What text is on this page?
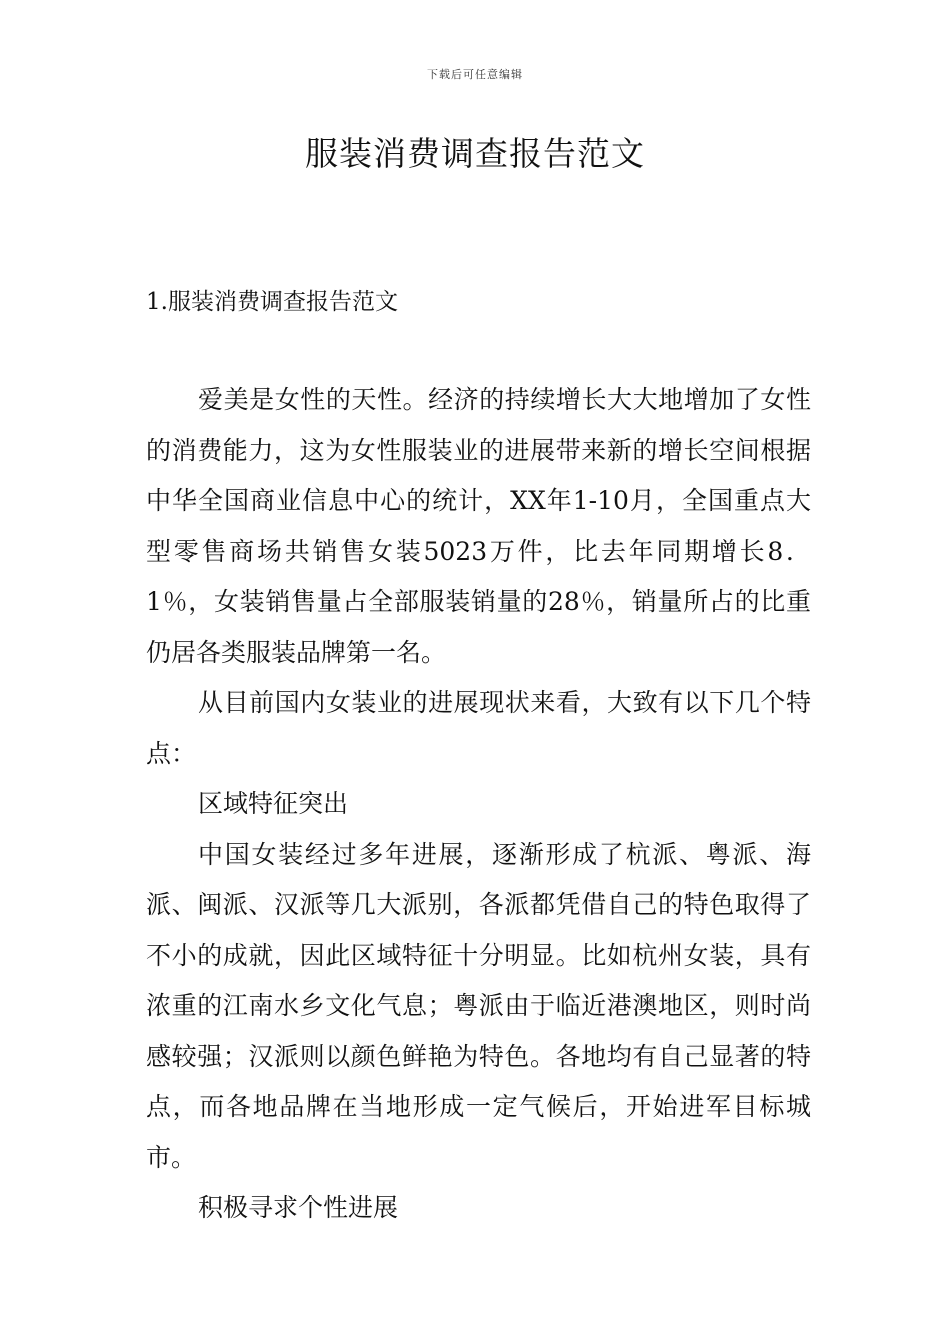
下载后可任意编辑
服装消费调查报告范文
1.服装消费调查报告范文

爱美是女性的天性。经济的持续增长大大地增加了女性的消费能力，这为女性服装业的进展带来新的增长空间根据中华全国商业信息中心的统计，XX年1-10月，全国重点大型零售商场共销售女装5023万件，比去年同期增长8．1％，女装销售量占全部服装销量的28％，销量所占的比重仍居各类服装品牌第一名。

从目前国内女装业的进展现状来看，大致有以下几个特点：

区域特征突出

中国女装经过多年进展，逐渐形成了杭派、粤派、海派、闽派、汉派等几大派别，各派都凭借自己的特色取得了不小的成就，因此区域特征十分明显。比如杭州女装，具有浓重的江南水乡文化气息；粤派由于临近港澳地区，则时尚感较强；汉派则以颜色鲜艳为特色。各地均有自己显著的特点，而各地品牌在当地形成一定气候后，开始进军目标城市。

积极寻求个性进展
